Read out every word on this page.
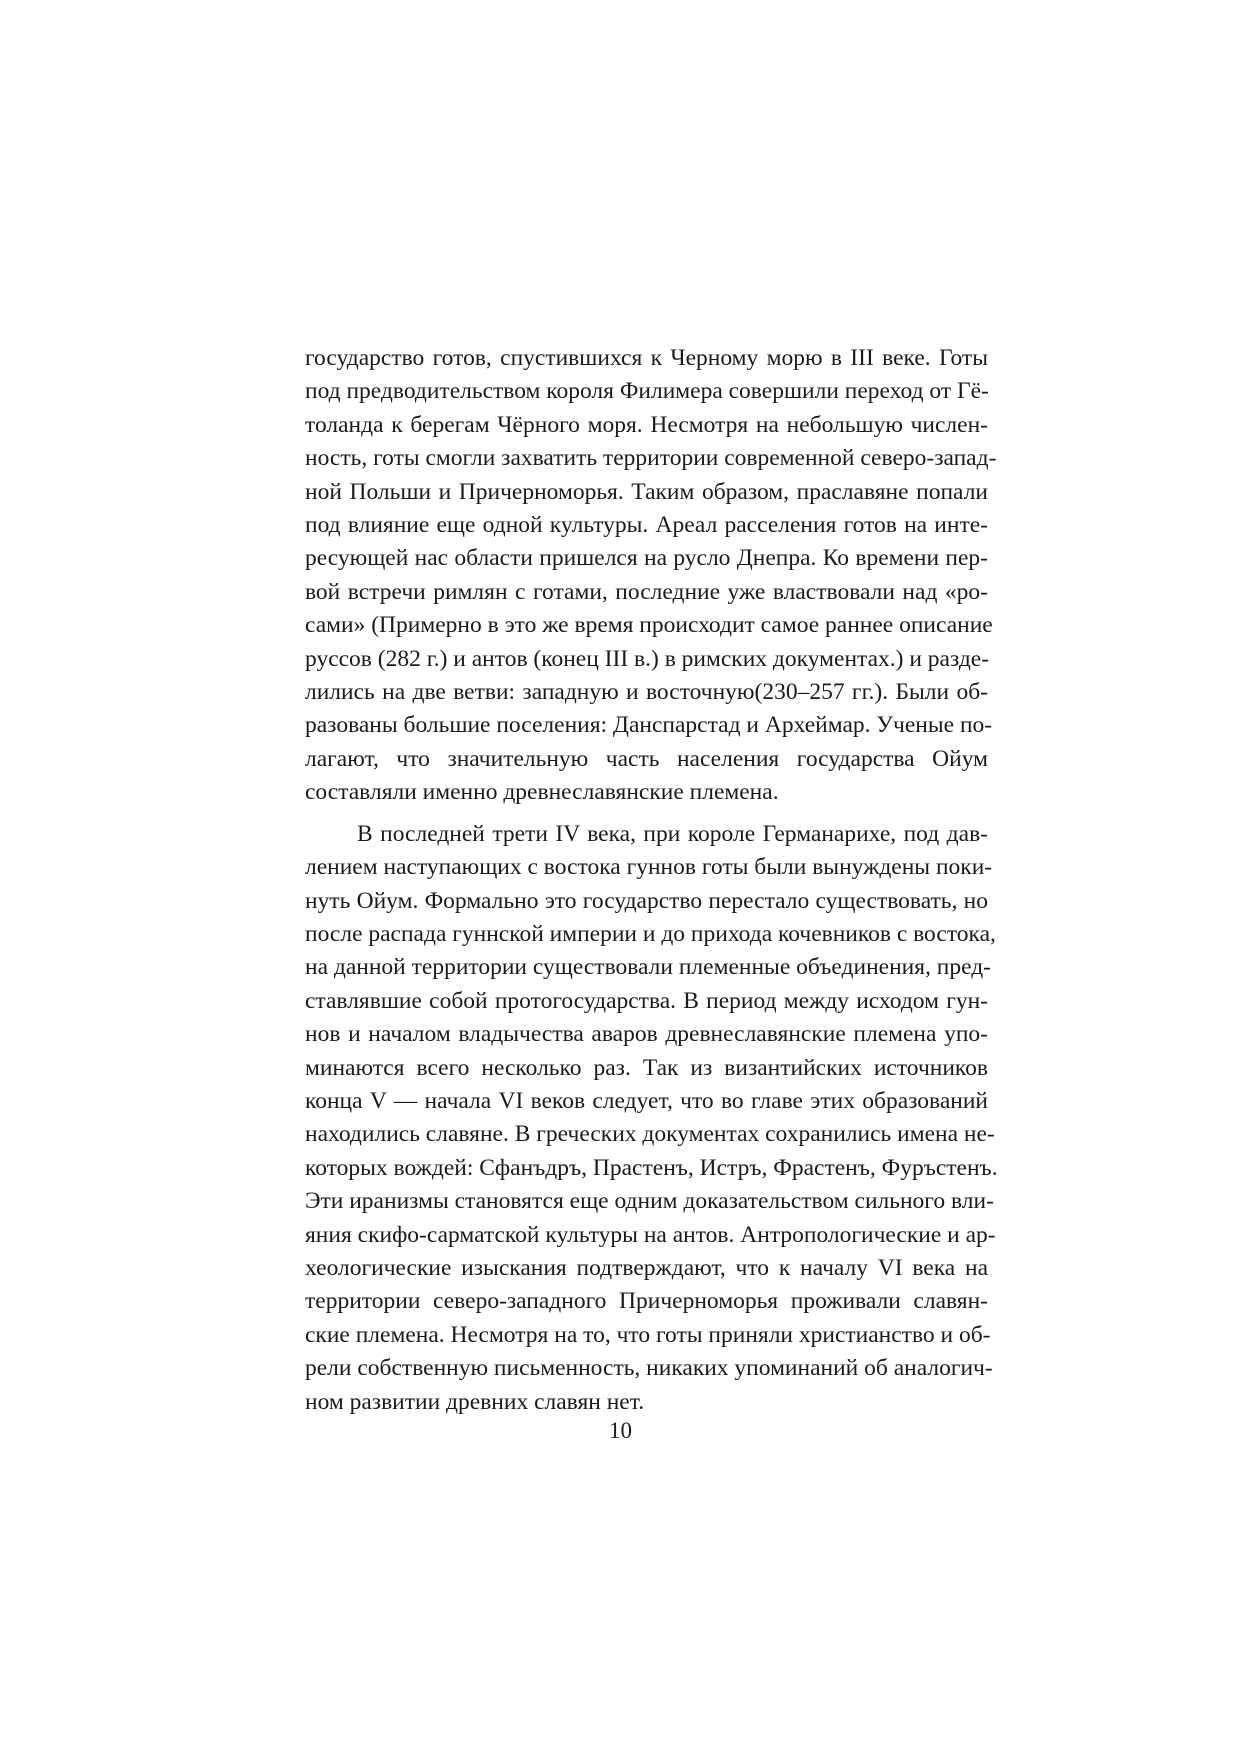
государство готов, спустившихся к Черному морю в III веке. Готы
под предводительством короля Филимера совершили переход от Гё-
толанда к берегам Чёрного моря. Несмотря на небольшую числен-
ность, готы смогли захватить территории современной северо-запад-
ной Польши и Причерноморья. Таким образом, праславяне попали
под влияние еще одной культуры. Ареал расселения готов на инте-
ресующей нас области пришелся на русло Днепра. Ко времени пер-
вой встречи римлян с готами, последние уже властвовали над «ро-
сами» (Примерно в это же время происходит самое раннее описание
руссов (282 г.) и антов (конец III в.) в римских документах.) и разде-
лились на две ветви: западную и восточную(230–257 гг.). Были об-
разованы большие поселения: Данспарстад и Археймар. Ученые по-
лагают, что значительную часть населения государства Ойум
составляли именно древнеславянские племена.
В последней трети IV века, при короле Германарихе, под дав-
лением наступающих с востока гуннов готы были вынуждены поки-
нуть Ойум. Формально это государство перестало существовать, но
после распада гуннской империи и до прихода кочевников с востока,
на данной территории существовали племенные объединения, пред-
ставлявшие собой протогосударства. В период между исходом гун-
нов и началом владычества аваров древнеславянские племена упо-
минаются всего несколько раз. Так из византийских источников
конца V — начала VI веков следует, что во главе этих образований
находились славяне. В греческих документах сохранились имена не-
которых вождей: Сфанъдръ, Прастенъ, Истръ, Фрастенъ, Фуръстенъ.
Эти иранизмы становятся еще одним доказательством сильного вли-
яния скифо-сарматской культуры на антов. Антропологические и ар-
хеологические изыскания подтверждают, что к началу VI века на
территории северо-западного Причерноморья проживали славян-
ские племена. Несмотря на то, что готы приняли христианство и об-
рели собственную письменность, никаких упоминаний об аналогич-
ном развитии древних славян нет.
10
